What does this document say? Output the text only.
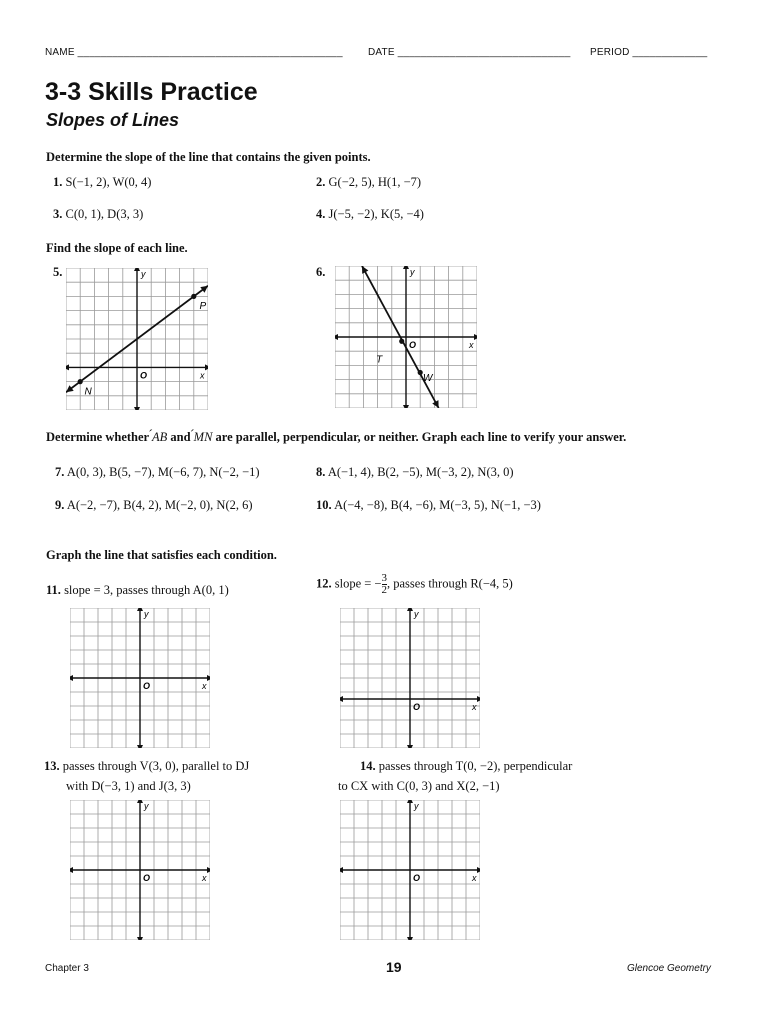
NAME ______________________________________________	DATE ______________________________ PERIOD _____________
3-3 Skills Practice
Slopes of Lines
Determine the slope of the line that contains the given points.
1. S(−1, 2), W(0, 4)	2. G(−2, 5), H(1, −7)
3. C(0, 1), D(3, 3)	4. J(−5, −2), K(5, −4)
Find the slope of each line.
5.	6.
y
x
O
N
P
y
x
O
T
W
Determine whether AB and MN are parallel, perpendicular, or neither. Graph each line to verify your answer.
7. A(0, 3), B(5, −7), M(−6, 7), N(−2, −1)	8. A(−1, 4), B(2, −5), M(−3, 2), N(3, 0)
9. A(−2, −7), B(4, 2), M(−2, 0), N(2, 6)	10. A(−4, −8), B(4, −6), M(−3, 5), N(−1, −3)
Graph the line that satisfies each condition.
11. slope = 3, passes through A(0, 1)	12. slope = − $\frac{3}{2}$ , passes through R(−4, 5)
y
x
O
y
x
O
13. passes through V(3, 0), parallel to DJ
with D(−3, 1) and J(3, 3)
14. passes through T(0, −2), perpendicular
to CX with C(0, 3) and X(2, −1)
y
x
O
y
x
O
Chapter 3	19	Glencoe Geometry
